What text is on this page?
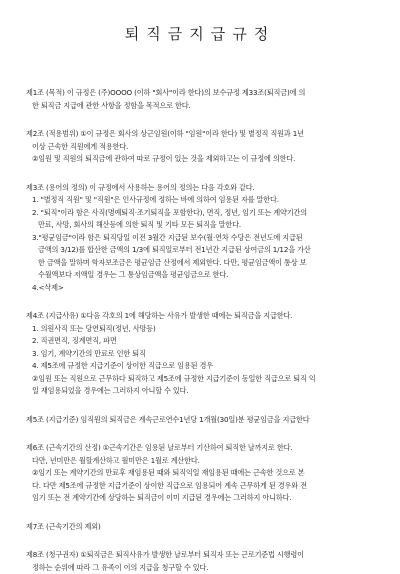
퇴직금지급규정

제1조 (목적) 이 규정은 (주)OOOO (이하 "회사"이라 한다)의 보수규정 제33조(퇴직금)에 의

한 퇴직금 지급에 관한 사항을 정함을 목적으로 한다.

제2조 (적용범위) ①이 규정은 회사의 상근임원(이하 "임원"이라 한다) 및 별정직 직원과 1년

이상 근속한 직원에게 적용한다.

②임원 및 직원의 퇴직금에 관하여 따로 규정이 있는 것을 제외하고는 이 규정에 의한다.

제3조 (용어의 정의) 이 규정에서 사용하는 용어의 정의는 다음 각호와 같다.

1. "별정직 직원" 및 "직원"은 인사규정에 정하는 바에 의하여 임용된 자를 말한다.

2. "퇴직"이라 함은 사직(명예퇴직·조기퇴직을 포함한다), 면직, 정년, 임기 또는 계약기간의

만료, 사망, 회사의 해산등에 의한 퇴직 및 기타 모든 퇴직을 말한다.

3."평균임금"이라 함은 퇴직당일 이전 3월간 지급된 보수(월·연차 수당은 전년도에 지급된

금액의 3/12)를 합산한 금액의 1/3에 퇴직일로부터 전1년간 지급된 상여금의 1/12을 가산

한 금액을 말하며 학자보조금은 평균임금 산정에서 제외한다. 다만, 평균임금액이 통상 보

수월액보다 저액일 경우는 그 통상임금액을 평균임금으로 한다.

4.<삭제>

제4조 (지급사유) ①다음 각호의 1에 해당하는 사유가 발생한 때에는 퇴직금을 지급한다.

1. 의원사직 또는 당연퇴직(정년, 사망등)

2. 직권면직, 징계면직, 파면

3. 임기, 계약기간의 만료로 인한 퇴직

4. 제5조에 규정한 지급기준이 상이한 직급으로 임용된 경우

②임원 또는 직원으로 근무하다 퇴직하고 제5조에 규정한 지급기준이 동일한 직급으로 퇴직 익

일 재임용되었을 경우에는 그러하지 아니할 수 있다.

제5조 (지급기준) 임직원의 퇴직금은 계속근로연수1년당 1개월(30일)분 평균임금을 지급한다

제6조 (근속기간의 산정) ①근속기간은 임용된 날로부터 기산하여 퇴직한 날까지로 한다.

다만, 년미만은 월할계산하고 월미만은 1월로 계산한다.

②임기 또는 계약기간의 만료후 재임용된 때와 퇴직익일 재임용된 때에는 근속한 것으로 본

다. 다만 제5조에 규정한 지급기준이 상이한 직급으로 임용되어 계속 근무하게 된 경우와 전

임기 또는 전 계약기간에 상당하는 퇴직금이 이미 지급된 경우에는 그러하지 아니하다.

제7조 (근속기간의 제외)

제8조 (청구권자) ①퇴직금은 퇴직사유가 발생한 날로부터 퇴직자 또는 근로기준법 시행령이

정하는 순위에 따라 그 유족이 이의 지급을 청구할 수 있다.
